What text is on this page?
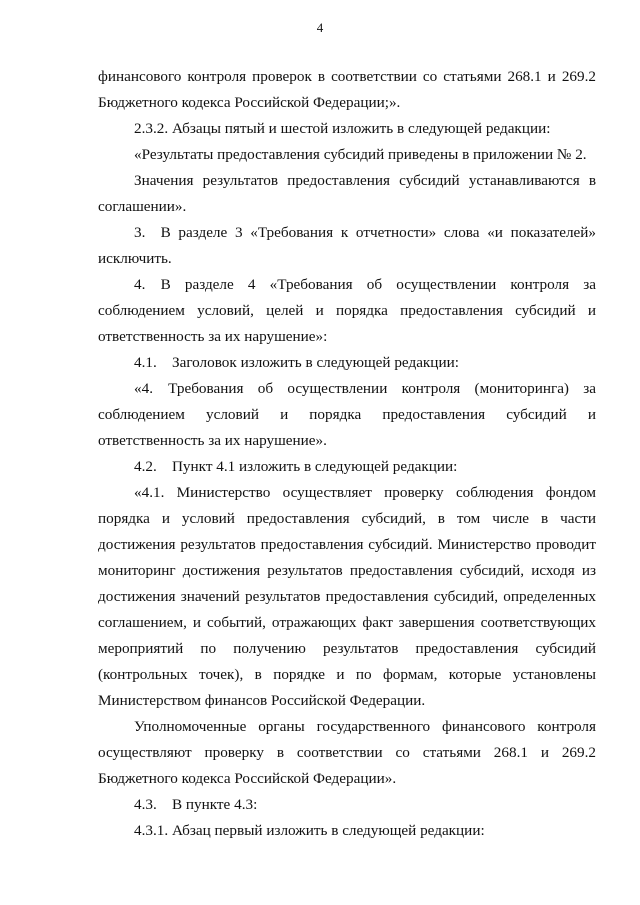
4

финансового контроля проверок в соответствии со статьями 268.1 и 269.2 Бюджетного кодекса Российской Федерации;».

2.3.2. Абзацы пятый и шестой изложить в следующей редакции:

«Результаты предоставления субсидий приведены в приложении № 2.

Значения результатов предоставления субсидий устанавливаются в соглашении».

3. В разделе 3 «Требования к отчетности» слова «и показателей» исключить.

4. В разделе 4 «Требования об осуществлении контроля за соблюдением условий, целей и порядка предоставления субсидий и ответственность за их нарушение»:

4.1. Заголовок изложить в следующей редакции:

«4. Требования об осуществлении контроля (мониторинга) за соблюдением условий и порядка предоставления субсидий и ответственность за их нарушение».

4.2. Пункт 4.1 изложить в следующей редакции:

«4.1. Министерство осуществляет проверку соблюдения фондом порядка и условий предоставления субсидий, в том числе в части достижения результатов предоставления субсидий. Министерство проводит мониторинг достижения результатов предоставления субсидий, исходя из достижения значений результатов предоставления субсидий, определенных соглашением, и событий, отражающих факт завершения соответствующих мероприятий по получению результатов предоставления субсидий (контрольных точек), в порядке и по формам, которые установлены Министерством финансов Российской Федерации.

Уполномоченные органы государственного финансового контроля осуществляют проверку в соответствии со статьями 268.1 и 269.2 Бюджетного кодекса Российской Федерации».

4.3. В пункте 4.3:

4.3.1. Абзац первый изложить в следующей редакции:
